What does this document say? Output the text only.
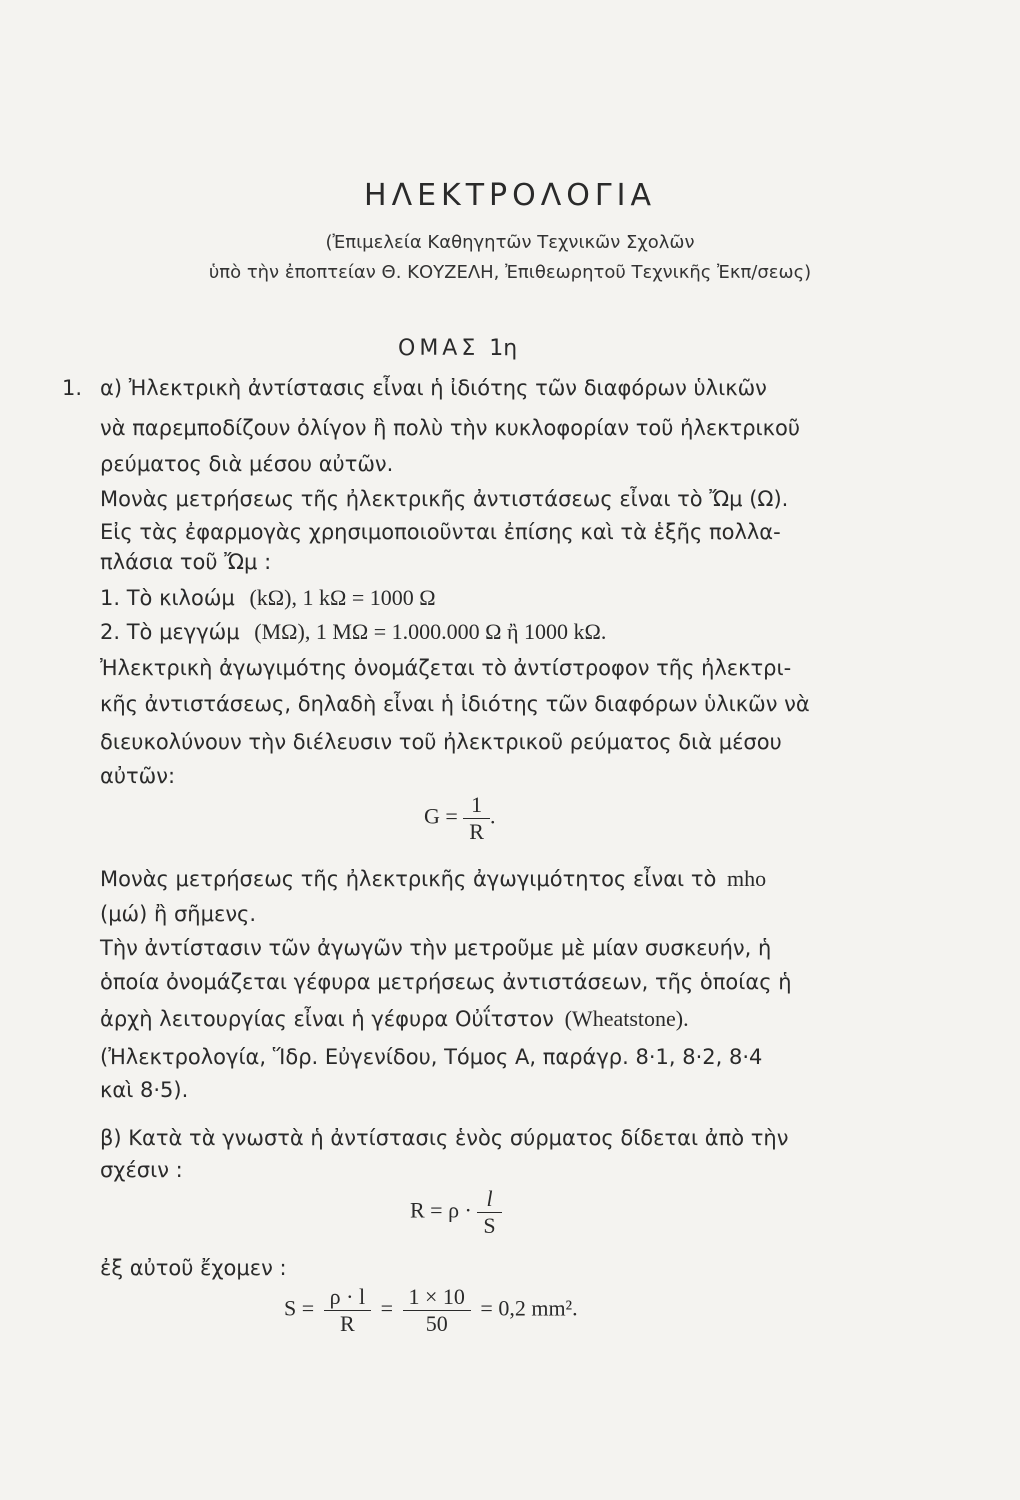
ΗΛΕΚΤΡΟΛΟΓΙΑ
(Ἐπιμελεία Καθηγητῶν Τεχνικῶν Σχολῶν
ὑπὸ τὴν ἐποπτείαν Θ. ΚΟΥΖΕΛΗ, Ἐπιθεωρητοῦ Τεχνικῆς Ἐκπ/σεως)
ΟΜΑΣ 1η
1. α) Ἠλεκτρικὴ ἀντίστασις εἶναι ἡ ἰδιότης τῶν διαφόρων ὑλικῶν
νὰ παρεμποδίζουν ὀλίγον ἢ πολὺ τὴν κυκλοφορίαν τοῦ ἠλεκτρικοῦ
ρεύματος διὰ μέσου αὐτῶν.
Μονὰς μετρήσεως τῆς ἠλεκτρικῆς ἀντιστάσεως εἶναι τὸ Ὤμ (Ω).
Εἰς τὰς ἐφαρμογὰς χρησιμοποιοῦνται ἐπίσης καὶ τὰ ἑξῆς πολλα-
πλάσια τοῦ Ὤμ :
1. Τὸ κιλοώμ (kΩ), 1 kΩ = 1000 Ω
2. Τὸ μεγγώμ (MΩ), 1 MΩ = 1.000.000 Ω ἢ 1000 kΩ.
Ἠλεκτρικὴ ἀγωγιμότης ὀνομάζεται τὸ ἀντίστροφον τῆς ἠλεκτρι-
κῆς ἀντιστάσεως, δηλαδὴ εἶναι ἡ ἰδιότης τῶν διαφόρων ὑλικῶν νὰ
διευκολύνουν τὴν διέλευσιν τοῦ ἠλεκτρικοῦ ρεύματος διὰ μέσου
αὐτῶν:
$G = \frac{1}{R}$ .
Μονὰς μετρήσεως τῆς ἠλεκτρικῆς ἀγωγιμότητος εἶναι τὸ mho
(μώ) ἢ σῆμενς.
Τὴν ἀντίστασιν τῶν ἀγωγῶν τὴν μετροῦμε μὲ μίαν συσκευήν, ἡ
ὁποία ὀνομάζεται γέφυρα μετρήσεως ἀντιστάσεων, τῆς ὁποίας ἡ
ἀρχὴ λειτουργίας εἶναι ἡ γέφυρα Οὐΐτστον (Wheatstone).
(Ἠλεκτρολογία, Ἵδρ. Εὐγενίδου, Τόμος Α, παράγρ. 8·1, 8·2, 8·4
καὶ 8·5).
β) Κατὰ τὰ γνωστὰ ἡ ἀντίστασις ἑνὸς σύρματος δίδεται ἀπὸ τὴν
σχέσιν :
$R = \rho \cdot \frac{l}{S}$
ἐξ αὐτοῦ ἔχομεν :
$S = \frac{\rho \cdot l}{R} = \frac{1 \times 10}{50} = 0,2$ mm².
